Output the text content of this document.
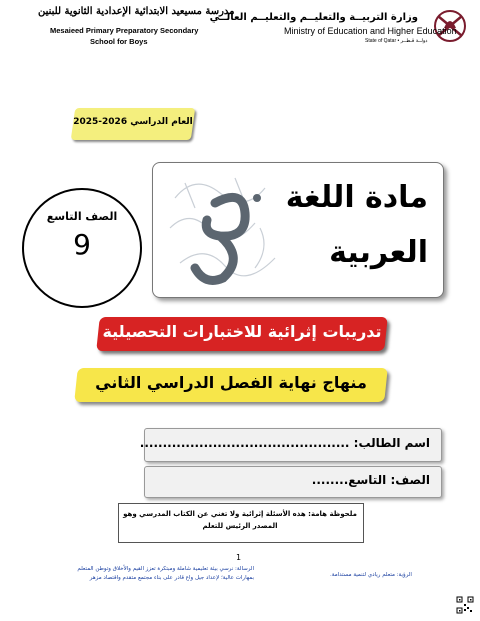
وزارة التربيــة والتعليــم والتعليــم العالــي
Ministry of Education and Higher Education
State of Qatar • دولــة قـطــر
مدرسة مسيعيد الابتدائية الإعدادية الثانوية للبنين
Mesaieed Primary Preparatory Secondary
School for Boys
العام الدراسي 2026-2025
مادة اللغة
العربية
الصف التاسع
9
تدريبات إثرائية للاختبارات التحصيلية
منهاج نهاية الفصل الدراسي الثاني
اسم الطالب: ..............................................
الصف: التاسع........
ملحوظة هامة: هذه الأسئلة إثرائية ولا تغني عن الكتاب المدرسي وهو
المصدر الرئيس للتعلم
1
الرسالة: نرسي بيئة تعليمية شاملة ومبتكرة تعزز القيم والأخلاق وتوطن المتعلم
بمهارات عالية؛ لإعداد جيل واع قادر على بناء مجتمع متقدم واقتصاد مزهر	الرؤية: متعلم ريادي لتنمية مستدامة.
